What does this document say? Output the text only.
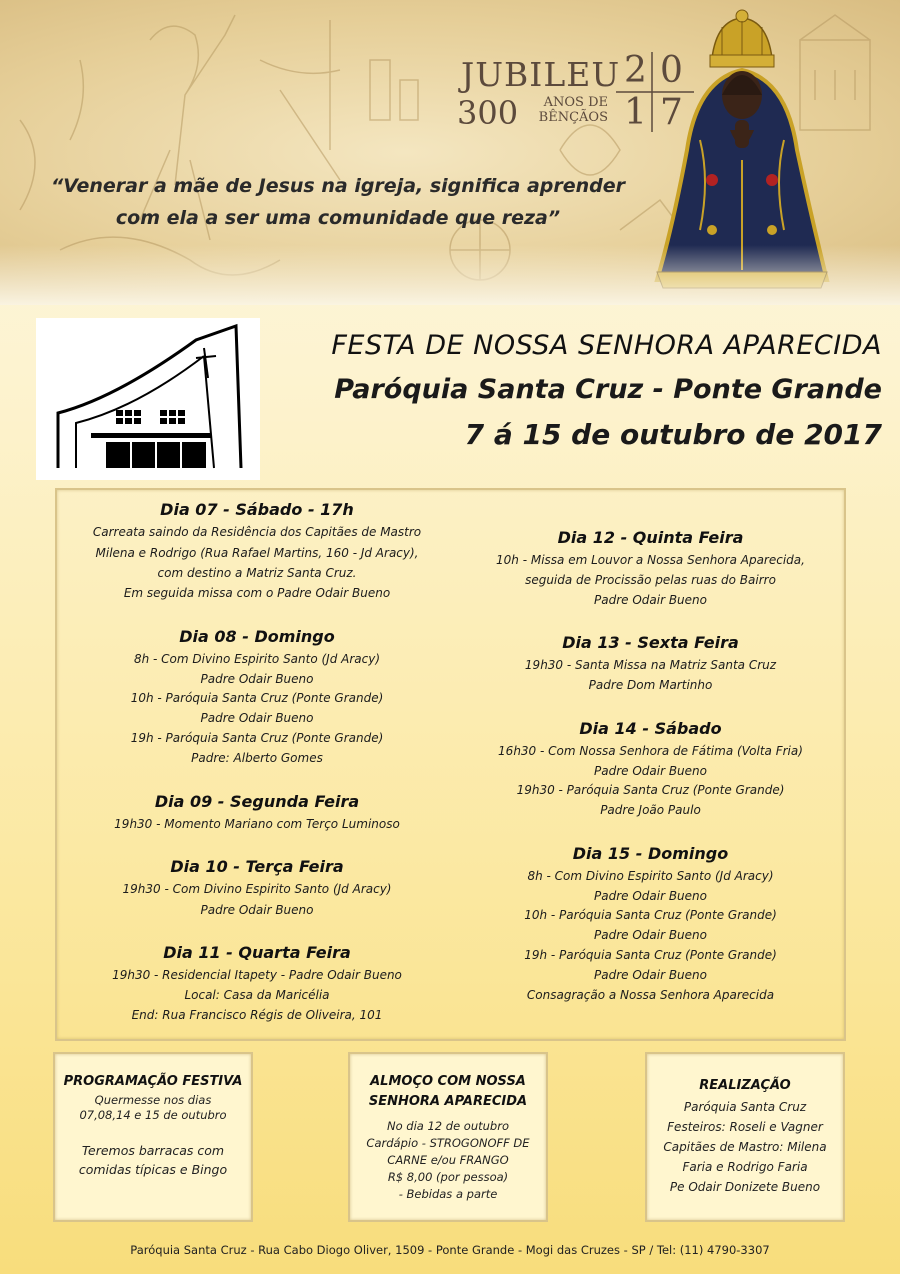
JUBILEU
300	ANOS DE
BÊNÇÃOS
2 0
1 7
“Venerar a mãe de Jesus na igreja, significa aprender
com ela a ser uma comunidade que reza”
FESTA DE NOSSA SENHORA APARECIDA
Paróquia Santa Cruz - Ponte Grande
7 á 15 de outubro de 2017
Dia 07 - Sábado - 17h
Carreata saindo da Residência dos Capitães de Mastro
Milena e Rodrigo (Rua Rafael Martins, 160 - Jd Aracy),
com destino a Matriz Santa Cruz.
Em seguida missa com o Padre Odair Bueno
Dia 08 - Domingo
8h - Com Divino Espirito Santo (Jd Aracy)
Padre Odair Bueno
10h - Paróquia Santa Cruz (Ponte Grande)
Padre Odair Bueno
19h - Paróquia Santa Cruz (Ponte Grande)
Padre: Alberto Gomes
Dia 09 - Segunda Feira
19h30 - Momento Mariano com Terço Luminoso
Dia 10 - Terça Feira
19h30 - Com Divino Espirito Santo (Jd Aracy)
Padre Odair Bueno
Dia 11 - Quarta Feira
19h30 - Residencial Itapety - Padre Odair Bueno
Local: Casa da Maricélia
End: Rua Francisco Régis de Oliveira, 101
Dia 12 - Quinta Feira
10h - Missa em Louvor a Nossa Senhora Aparecida,
seguida de Procissão pelas ruas do Bairro
Padre Odair Bueno
Dia 13 - Sexta Feira
19h30 - Santa Missa na Matriz Santa Cruz
Padre Dom Martinho
Dia 14 - Sábado
16h30 - Com Nossa Senhora de Fátima (Volta Fria)
Padre Odair Bueno
19h30 - Paróquia Santa Cruz (Ponte Grande)
Padre João Paulo
Dia 15 - Domingo
8h - Com Divino Espirito Santo (Jd Aracy)
Padre Odair Bueno
10h - Paróquia Santa Cruz (Ponte Grande)
Padre Odair Bueno
19h - Paróquia Santa Cruz (Ponte Grande)
Padre Odair Bueno
Consagração a Nossa Senhora Aparecida
PROGRAMAÇÃO FESTIVA
Quermesse nos dias
07,08,14 e 15 de outubro
Teremos barracas com
comidas típicas e Bingo
ALMOÇO COM NOSSA
SENHORA APARECIDA
No dia 12 de outubro
Cardápio - STROGONOFF DE
CARNE e/ou FRANGO
R$ 8,00 (por pessoa)
- Bebidas a parte
REALIZAÇÃO
Paróquia Santa Cruz
Festeiros: Roseli e Vagner
Capitães de Mastro: Milena
Faria e Rodrigo Faria
Pe Odair Donizete Bueno
Paróquia Santa Cruz - Rua Cabo Diogo Oliver, 1509 - Ponte Grande - Mogi das Cruzes - SP / Tel: (11) 4790-3307
